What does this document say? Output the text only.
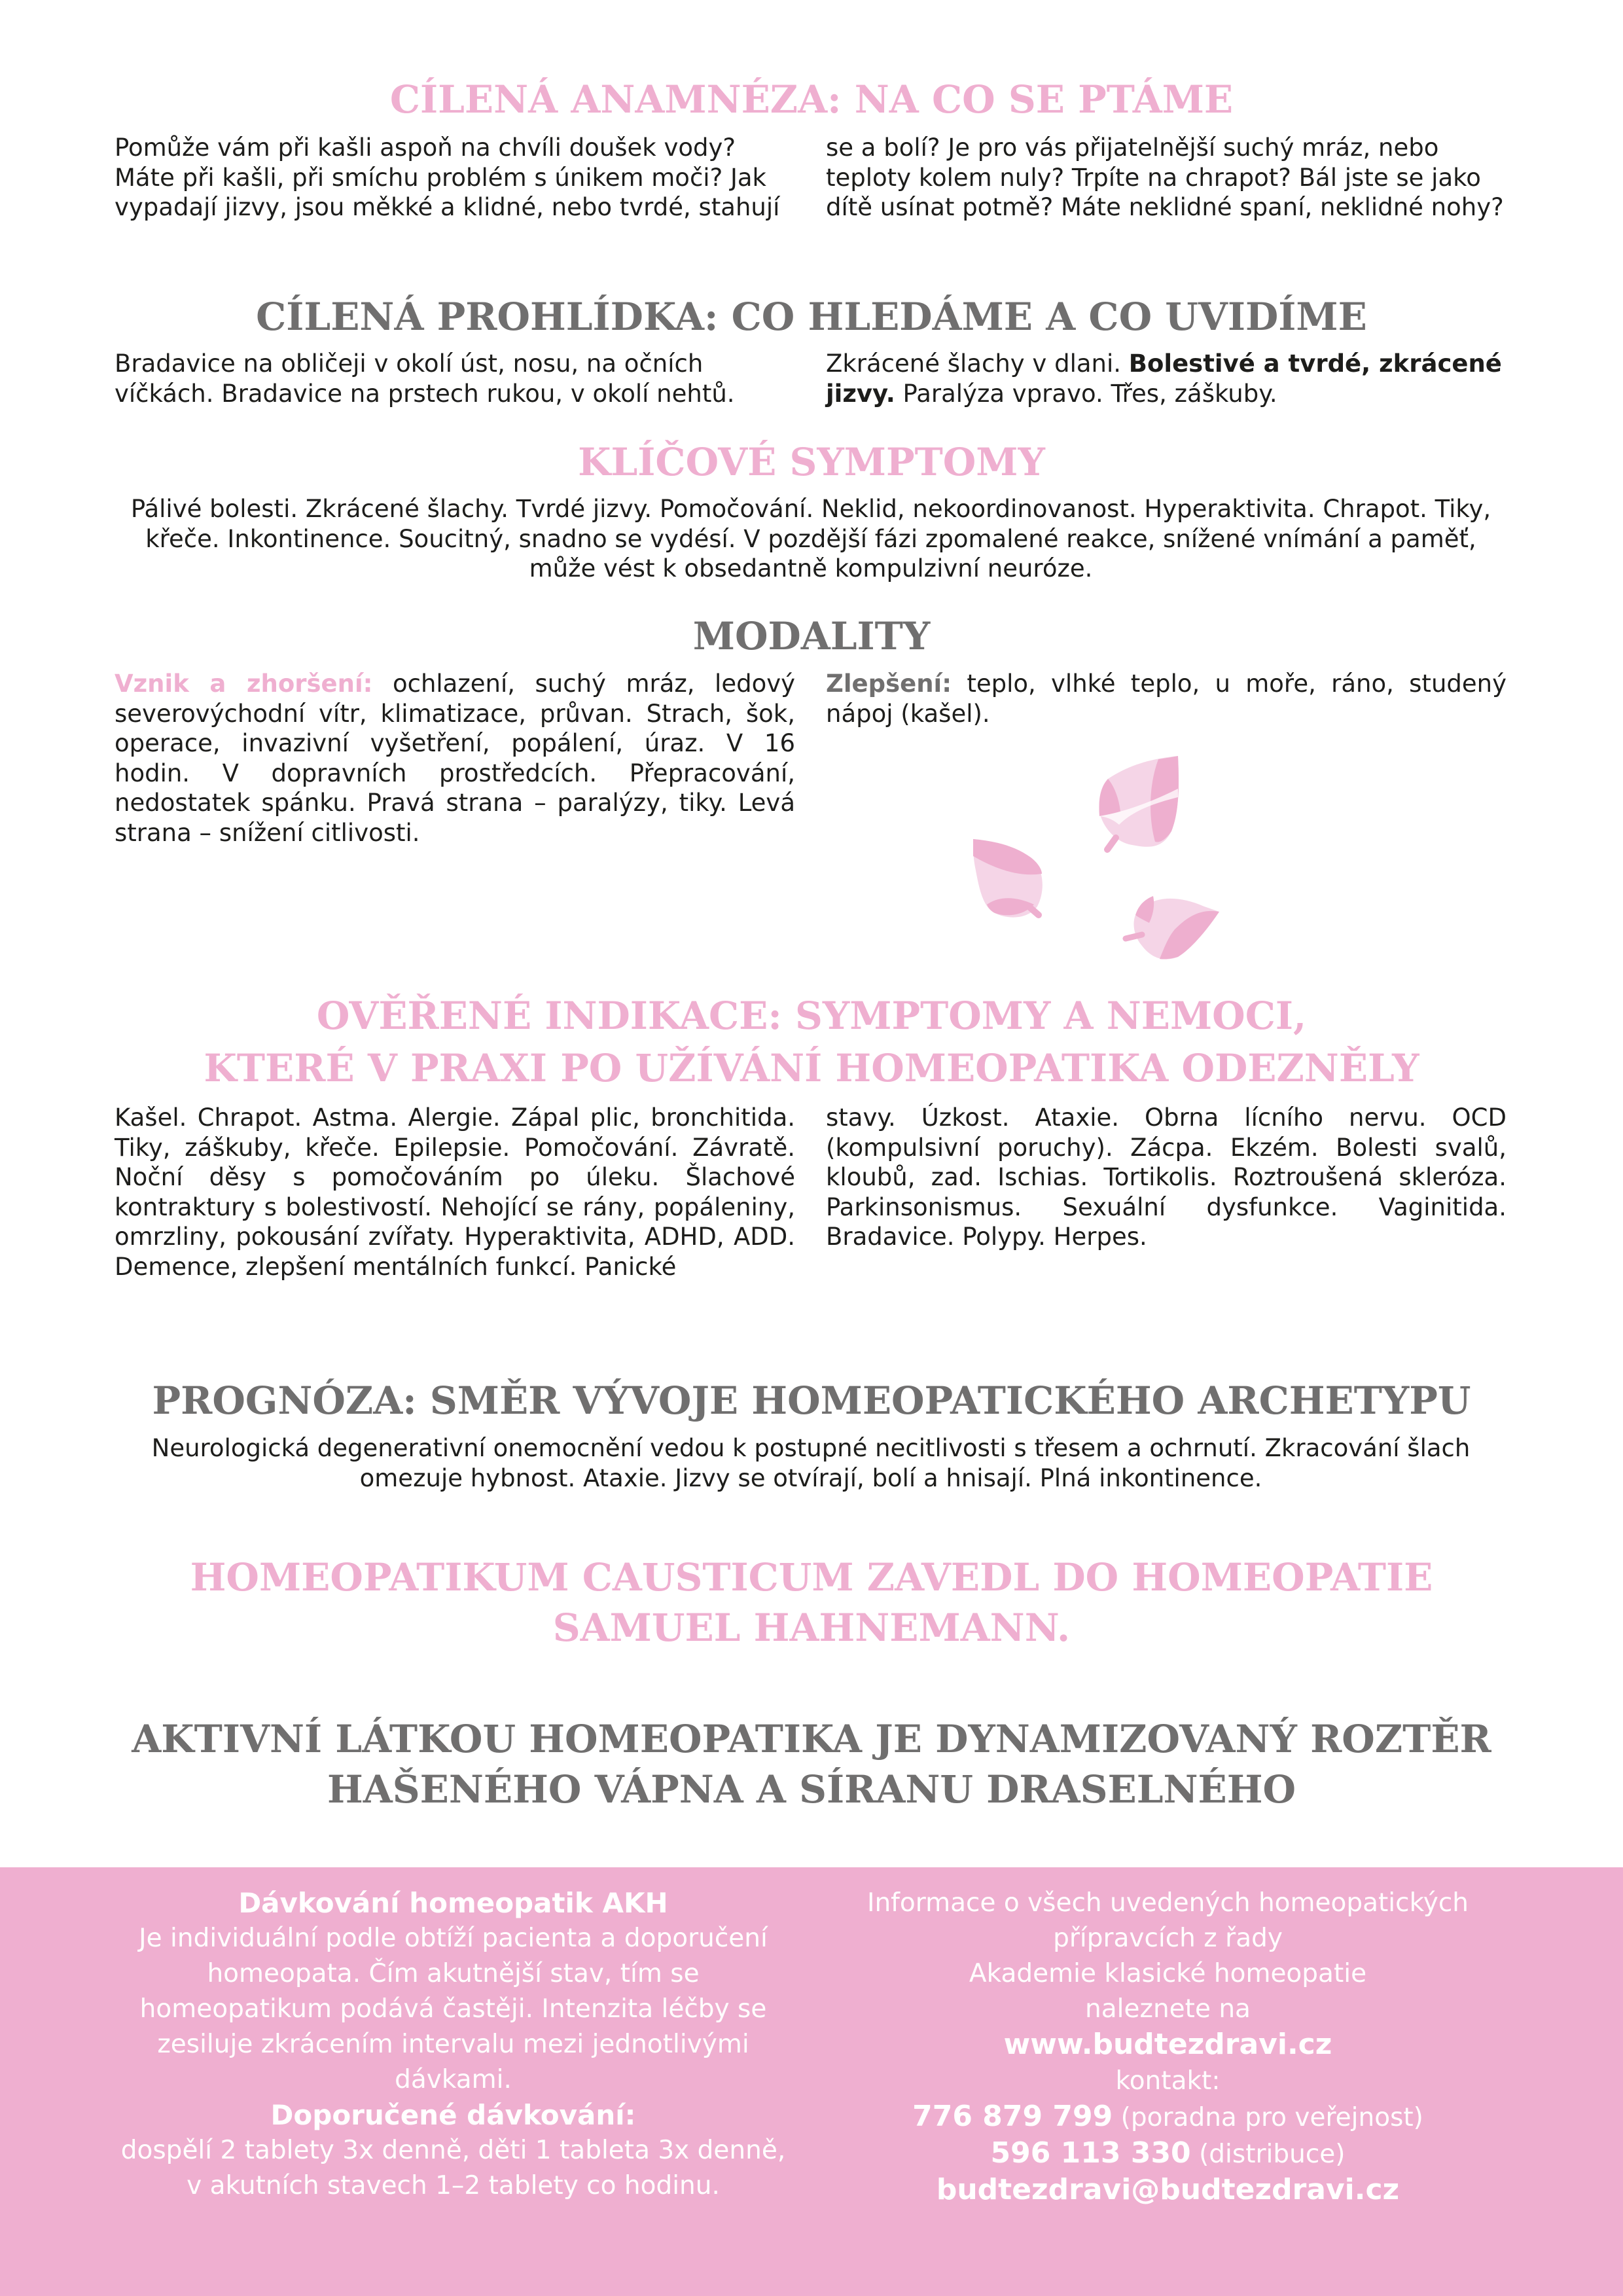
CÍLENÁ ANAMNÉZA: NA CO SE PTÁME

Pomůže vám při kašli aspoň na chvíli doušek vody? Máte při kašli, při smíchu problém s únikem moči? Jak vypadají jizvy, jsou měkké a klidné, nebo tvrdé, stahují

se a bolí? Je pro vás přijatelnější suchý mráz, nebo teploty kolem nuly? Trpíte na chrapot? Bál jste se jako dítě usínat potmě? Máte neklidné spaní, neklidné nohy?

CÍLENÁ PROHLÍDKA: CO HLEDÁME A CO UVIDÍME

Bradavice na obličeji v okolí úst, nosu, na očních víčkách. Bradavice na prstech rukou, v okolí nehtů.

Zkrácené šlachy v dlani. Bolestivé a tvrdé, zkrácené jizvy. Paralýza vpravo. Třes, záškuby.

KLÍČOVÉ SYMPTOMY

Pálivé bolesti. Zkrácené šlachy. Tvrdé jizvy. Pomočování. Neklid, nekoordinovanost. Hyperaktivita. Chrapot. Tiky, křeče. Inkontinence. Soucitný, snadno se vydésí. V pozdější fázi zpomalené reakce, snížené vnímání a paměť, může vést k obsedantně kompulzivní neuróze.

MODALITY

Vznik a zhoršení: ochlazení, suchý mráz, ledový severovýchodní vítr, klimatizace, průvan. Strach, šok, operace, invazivní vyšetření, popálení, úraz. V 16 hodin. V dopravních prostředcích. Přepracování, nedostatek spánku. Pravá strana – paralýzy, tiky. Levá strana – snížení citlivosti.

Zlepšení: teplo, vlhké teplo, u moře, ráno, studený nápoj (kašel).

OVĚŘENÉ INDIKACE: SYMPTOMY A NEMOCI,
KTERÉ V PRAXI PO UŽÍVÁNÍ HOMEOPATIKA ODEZNĚLY

Kašel. Chrapot. Astma. Alergie. Zápal plic, bronchitida. Tiky, záškuby, křeče. Epilepsie. Pomočování. Závratě. Noční děsy s pomočováním po úleku. Šlachové kontraktury s bolestivostí. Nehojící se rány, popáleniny, omrzliny, pokousání zvířaty. Hyperaktivita, ADHD, ADD. Demence, zlepšení mentálních funkcí. Panické

stavy. Úzkost. Ataxie. Obrna lícního nervu. OCD (kompulsivní poruchy). Zácpa. Ekzém. Bolesti svalů, kloubů, zad. Ischias. Tortikolis. Roztroušená skleróza. Parkinsonismus. Sexuální dysfunkce. Vaginitida. Bradavice. Polypy. Herpes.

PROGNÓZA: SMĚR VÝVOJE HOMEOPATICKÉHO ARCHETYPU

Neurologická degenerativní onemocnění vedou k postupné necitlivosti s třesem a ochrnutí. Zkracování šlach omezuje hybnost. Ataxie. Jizvy se otvírají, bolí a hnisají. Plná inkontinence.

HOMEOPATIKUM CAUSTICUM ZAVEDL DO HOMEOPATIE
SAMUEL HAHNEMANN.
AKTIVNÍ LÁTKOU HOMEOPATIKA JE DYNAMIZOVANÝ ROZTĚR
HAŠENÉHO VÁPNA A SÍRANU DRASELNÉHO

Dávkování homeopatik AKH

Je individuální podle obtíží pacienta a doporučení homeopata. Čím akutnější stav, tím se homeopatikum podává častěji. Intenzita léčby se zesiluje zkrácením intervalu mezi jednotlivými dávkami.

Doporučené dávkování:

dospělí 2 tablety 3x denně, děti 1 tableta 3x denně, v akutních stavech 1–2 tablety co hodinu.

Informace o všech uvedených homeopatických

přípravcích z řady

Akademie klasické homeopatie

naleznete na

www.budtezdravi.cz

kontakt:

776 879 799 (poradna pro veřejnost)

596 113 330 (distribuce)

budtezdravi@budtezdravi.cz
